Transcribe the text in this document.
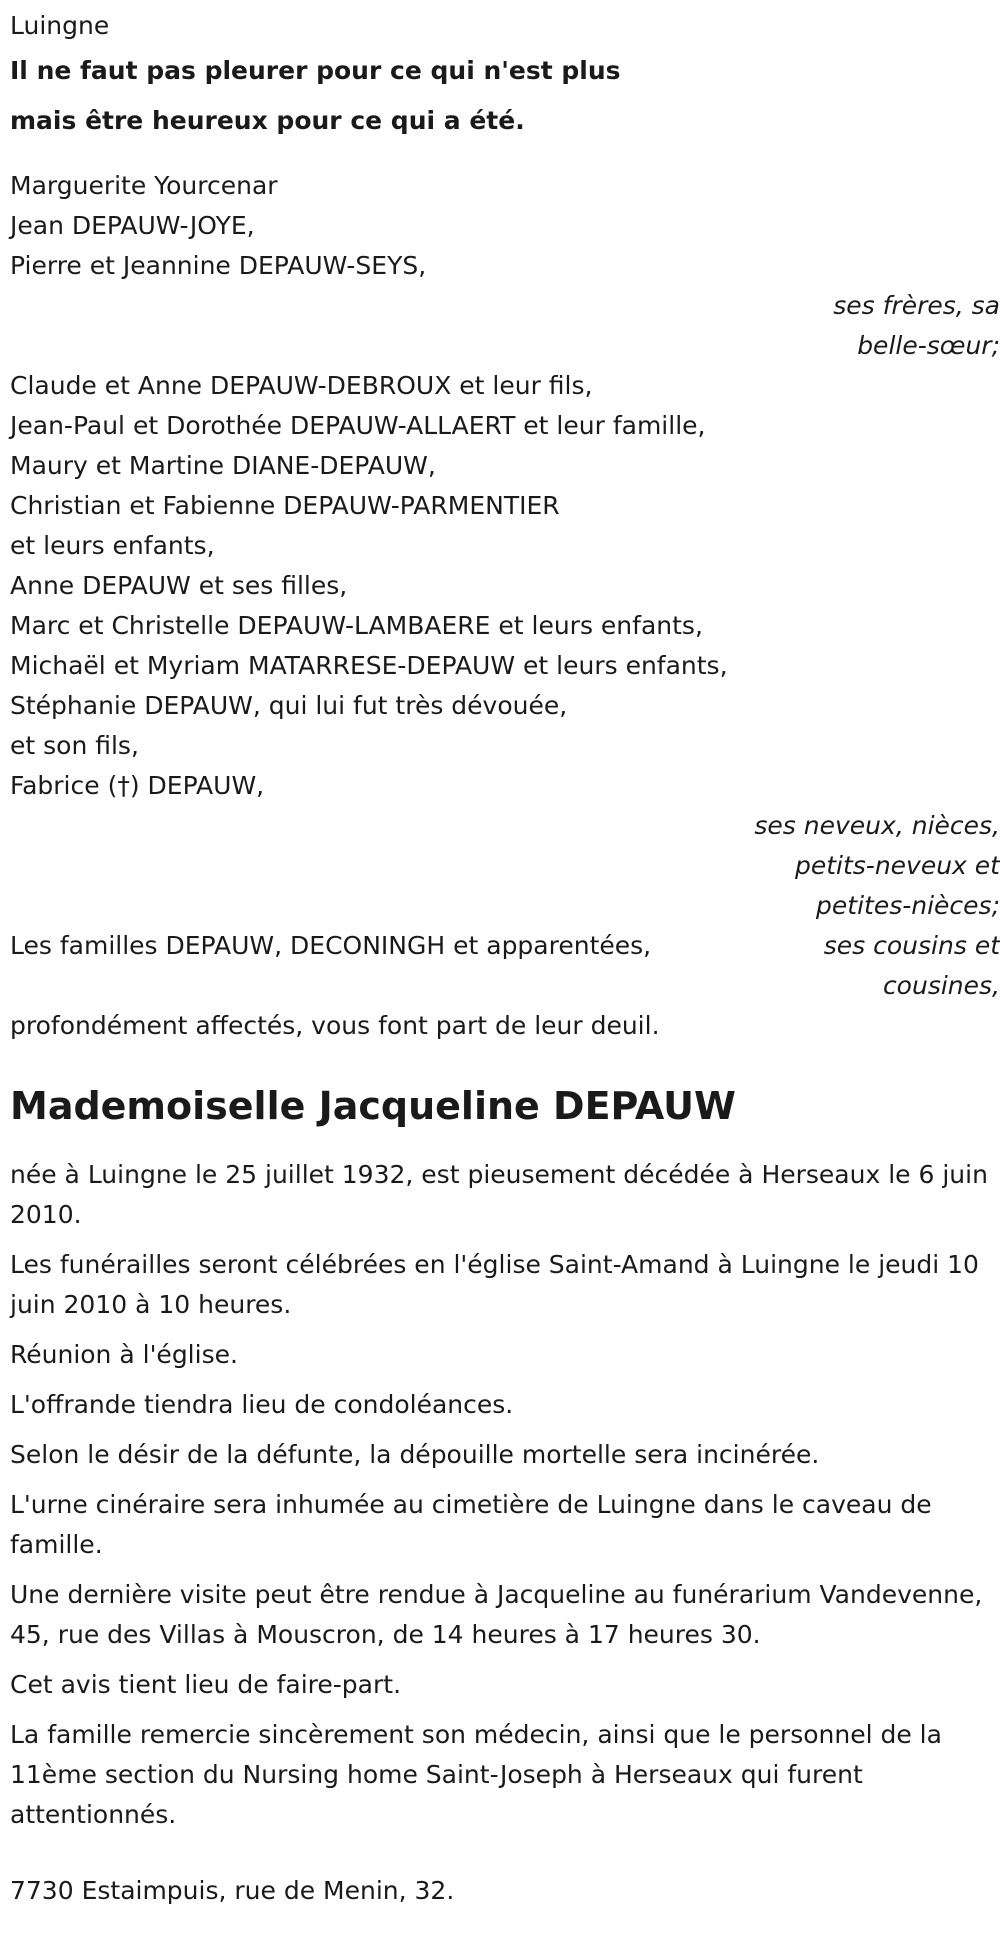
Luingne

Il ne faut pas pleurer pour ce qui n'est plus

mais être heureux pour ce qui a été.

Marguerite Yourcenar

Jean DEPAUW-JOYE,

Pierre et Jeannine DEPAUW-SEYS,

ses frères, sa

belle-sœur;

Claude et Anne DEPAUW-DEBROUX et leur fils,

Jean-Paul et Dorothée DEPAUW-ALLAERT et leur famille,

Maury et Martine DIANE-DEPAUW,

Christian et Fabienne DEPAUW-PARMENTIER

et leurs enfants,

Anne DEPAUW et ses filles,

Marc et Christelle DEPAUW-LAMBAERE et leurs enfants,

Michaël et Myriam MATARRESE-DEPAUW et leurs enfants,

Stéphanie DEPAUW, qui lui fut très dévouée,

et son fils,

Fabrice (†) DEPAUW,

ses neveux, nièces,

petits-neveux et

petites-nièces;

Les familles DEPAUW, DECONINGH et apparentées,	ses cousins et

cousines,

profondément affectés, vous font part de leur deuil.

Mademoiselle Jacqueline DEPAUW

née à Luingne le 25 juillet 1932, est pieusement décédée à Herseaux le 6 juin 2010.

Les funérailles seront célébrées en l'église Saint-Amand à Luingne le jeudi 10 juin 2010 à 10 heures.

Réunion à l'église.

L'offrande tiendra lieu de condoléances.

Selon le désir de la défunte, la dépouille mortelle sera incinérée.

L'urne cinéraire sera inhumée au cimetière de Luingne dans le caveau de famille.

Une dernière visite peut être rendue à Jacqueline au funérarium Vandevenne, 45, rue des Villas à Mouscron, de 14 heures à 17 heures 30.

Cet avis tient lieu de faire-part.

La famille remercie sincèrement son médecin, ainsi que le personnel de la 11ème section du Nursing home Saint-Joseph à Herseaux qui furent attentionnés.

7730 Estaimpuis, rue de Menin, 32.
